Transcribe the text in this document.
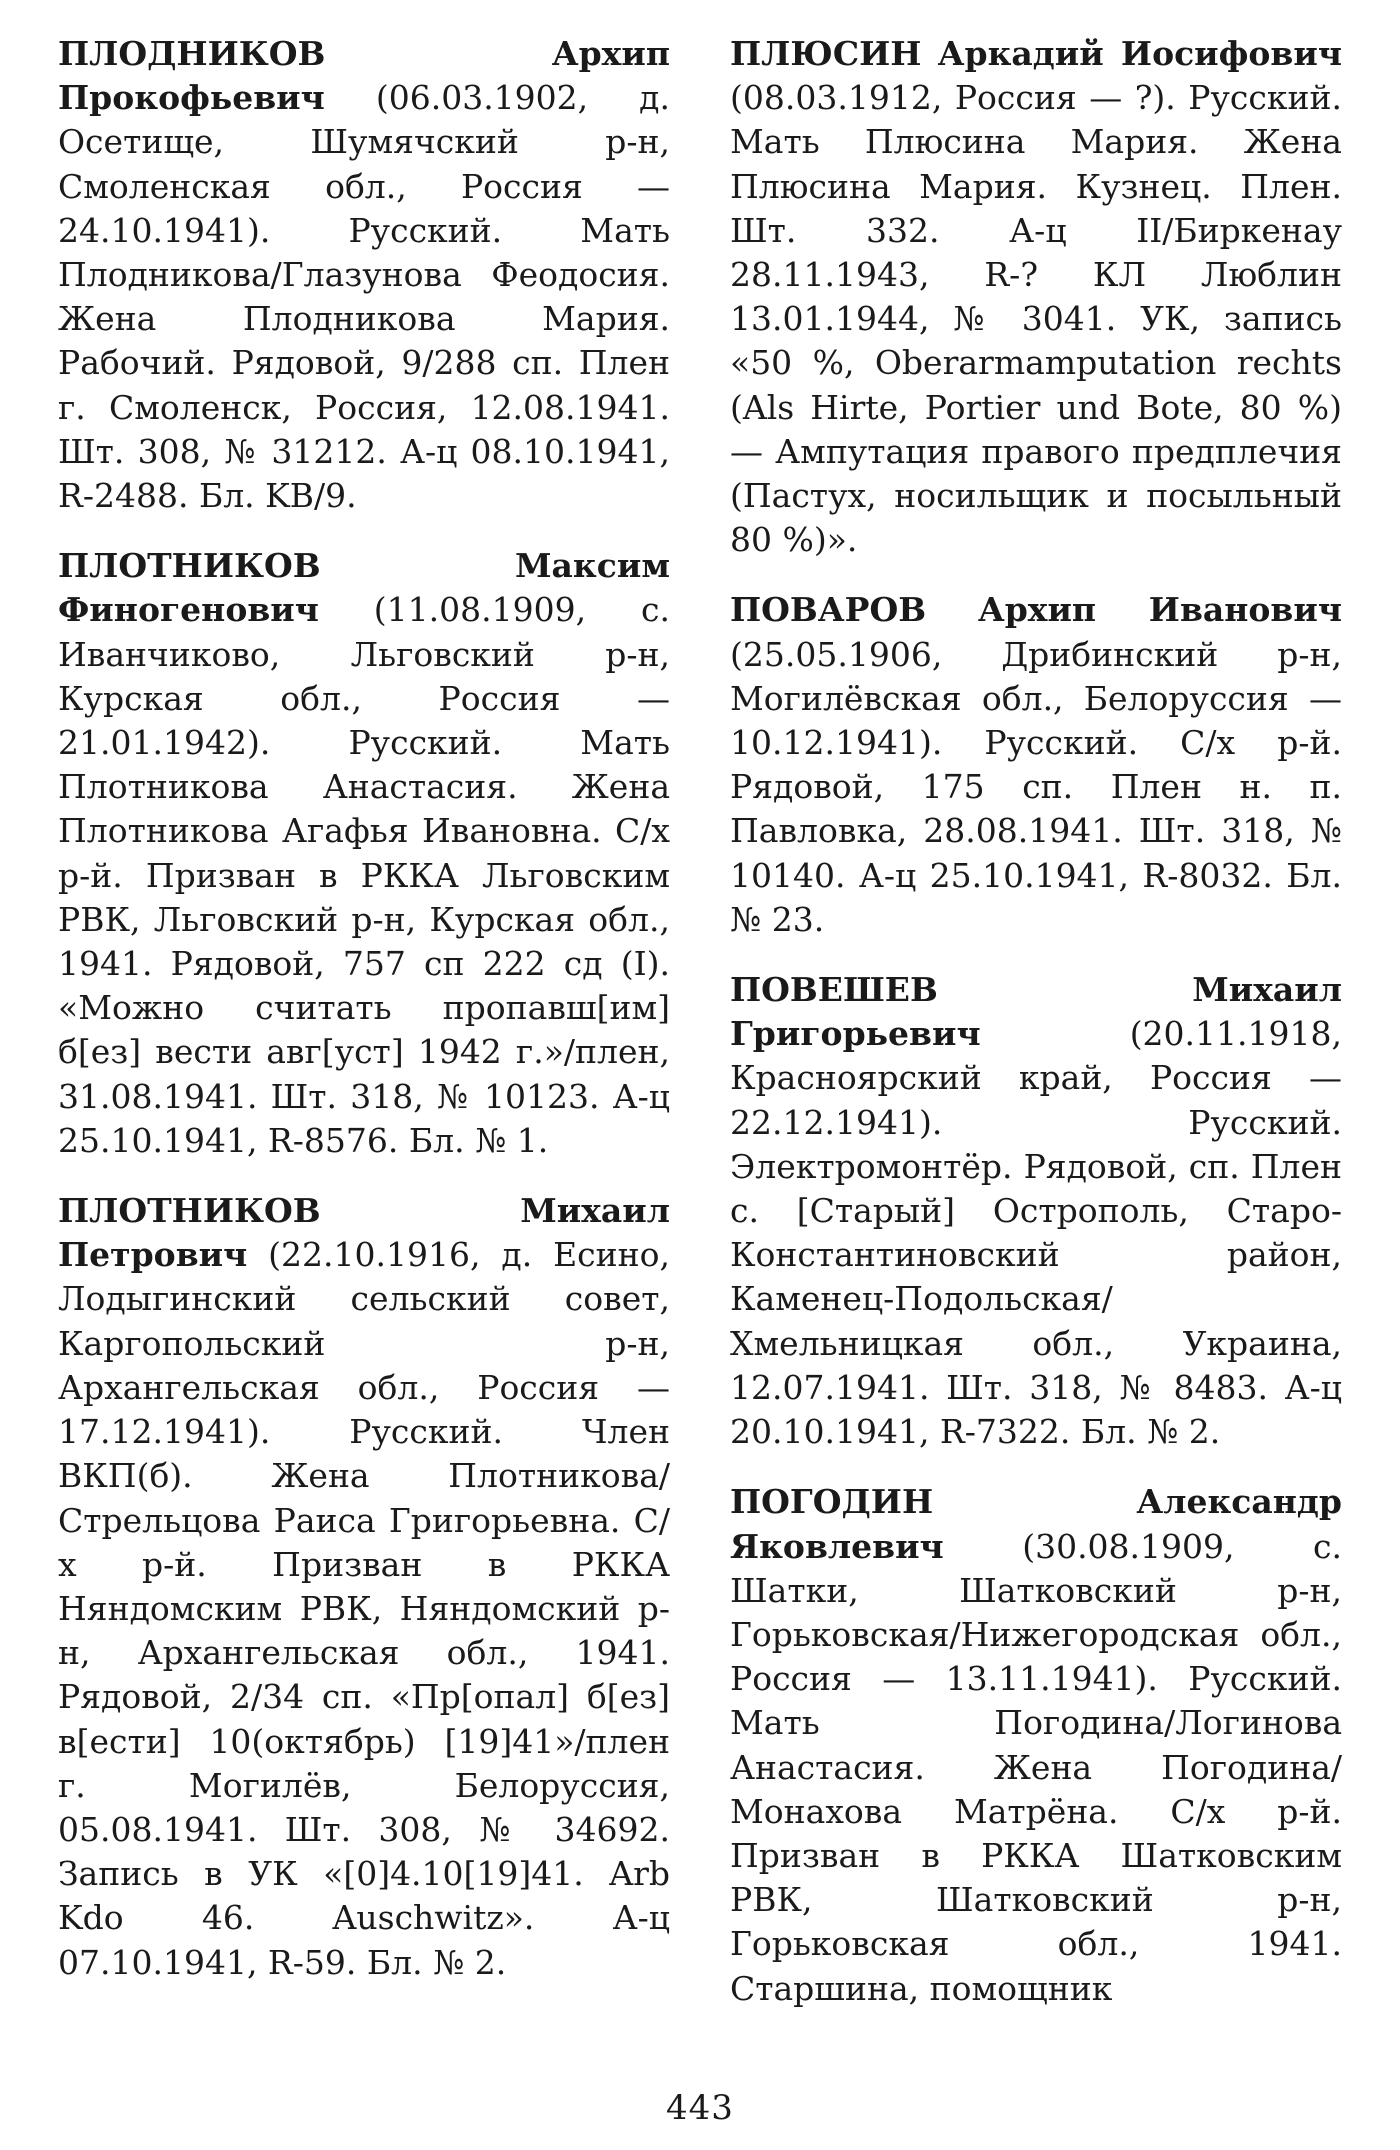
ПЛОДНИКОВ	Архип Прокофьевич (06.03.1902, д. Осетище, Шумячский р-н, Смоленская обл., Россия — 24.10.1941). Русский. Мать Плодникова/Глазунова Феодосия. Жена Плодникова Мария. Рабочий. Рядовой, 9/288 сп. Плен г. Смоленск, Россия, 12.08.1941. Шт. 308, № 31212. А-ц 08.10.1941, R-2488. Бл. KB/9.

ПЛОТНИКОВ	Максим Финогенович (11.08.1909, с. Иванчиково, Льговский р-н, Курская обл., Россия — 21.01.1942). Русский. Мать Плотникова Анастасия. Жена Плотникова Агафья Ивановна. С/х р-й. Призван в РККА Льговским РВК, Льговский р-н, Курская обл., 1941. Рядовой, 757 сп 222 сд (I). «Можно считать пропавш[им] б[ез] вести авг[уст] 1942 г.»/плен, 31.08.1941. Шт. 318, № 10123. А-ц 25.10.1941, R-8576. Бл. № 1.

ПЛОТНИКОВ	Михаил Петрович (22.10.1916, д. Есино, Лодыгинский сельский совет, Каргопольский р-н, Архангельская обл., Россия — 17.12.1941). Русский. Член ВКП(б). Жена Плотникова/Стрельцова Раиса Григорьевна. С/х р-й. Призван в РККА Няндомским РВК, Няндомский р-н, Архангельская обл., 1941. Рядовой, 2/34 сп. «Пр[опал] б[ез] в[ести] 10(октябрь) [19]41»/плен г. Могилёв, Белоруссия, 05.08.1941. Шт. 308, № 34692. Запись в УК «[0]4.10[19]41. Arb Kdo 46. Auschwitz». А-ц 07.10.1941, R-59. Бл. № 2.

ПЛЮСИН Аркадий Иосифович (08.03.1912, Россия — ?). Русский. Мать Плюсина Мария. Жена Плюсина Мария. Кузнец. Плен. Шт. 332. А-ц II/Биркенау 28.11.1943, R-? КЛ Люблин 13.01.1944, № 3041. УК, запись «50 %, Oberarmamputation rechts (Als Hirte, Portier und Bote, 80 %) — Ампутация правого предплечия (Пастух, носильщик и посыльный 80 %)».

ПОВАРОВ Архип Иванович (25.05.1906, Дрибинский р-н, Могилёвская обл., Белоруссия — 10.12.1941). Русский. С/х р-й. Рядовой, 175 сп. Плен н. п. Павловка, 28.08.1941. Шт. 318, № 10140. А-ц 25.10.1941, R-8032. Бл. № 23.

ПОВЕШЕВ	Михаил Григорьевич	(20.11.1918, Красноярский край, Россия — 22.12.1941). Русский. Электромонтёр. Рядовой, сп. Плен с. [Старый] Острополь, Старо-Константиновский район, Каменец-Подольская/Хмельницкая обл., Украина, 12.07.1941. Шт. 318, № 8483. А-ц 20.10.1941, R-7322. Бл. № 2.

ПОГОДИН	Александр Яковлевич (30.08.1909, с. Шатки, Шатковский р-н, Горьковская/Нижегородская обл., Россия — 13.11.1941). Русский. Мать Погодина/Логинова Анастасия. Жена Погодина/Монахова Матрёна. С/х р-й. Призван в РККА Шатковским РВК, Шатковский р-н, Горьковская обл., 1941. Старшина, помощник

443
